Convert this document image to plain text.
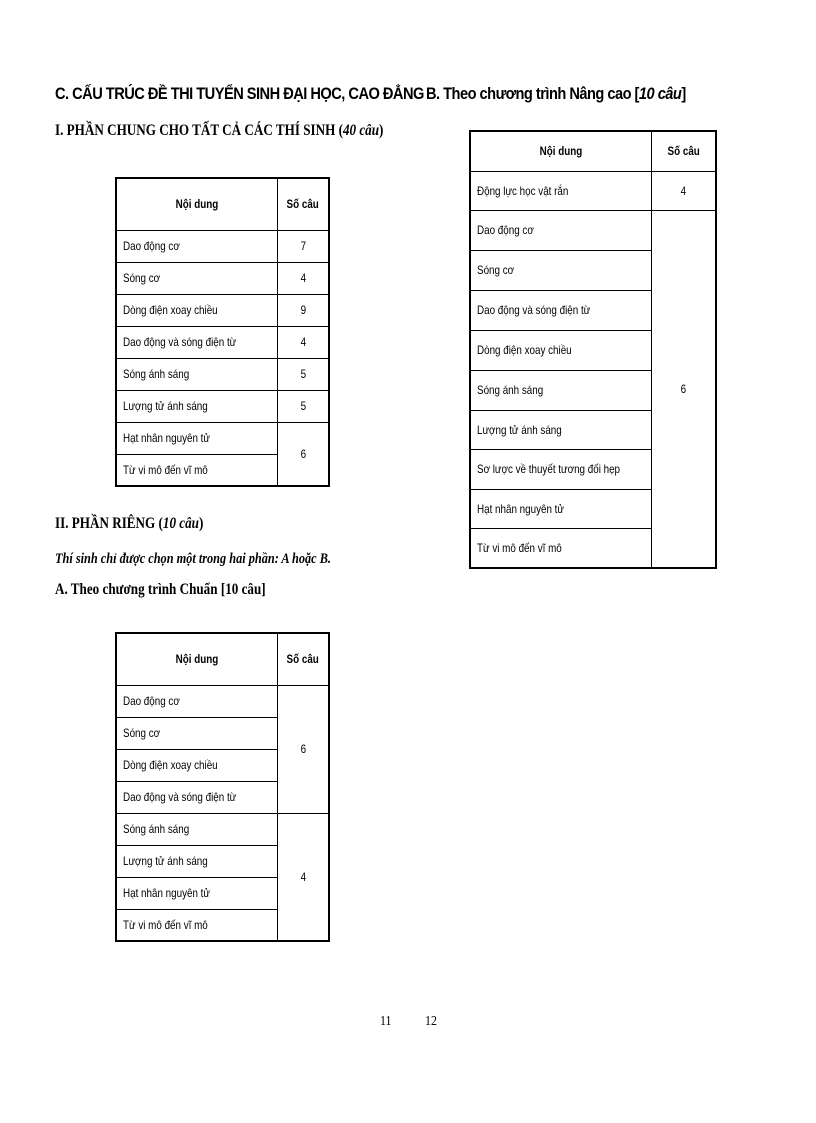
C. CẤU TRÚC ĐỀ THI TUYỂN SINH ĐẠI HỌC, CAO ĐẲNG
I. PHẦN CHUNG CHO TẤT CẢ CÁC THÍ SINH (40 câu)
Nội dung	Số câu
Dao động cơ	7
Sóng cơ	4
Dòng điện xoay chiều	9
Dao động và sóng điện từ	4
Sóng ánh sáng	5
Lượng tử ánh sáng	5
Hạt nhân nguyên tử	6
Từ vi mô đến vĩ mô	
II. PHẦN RIÊNG (10 câu)
Thí sinh chỉ được chọn một trong hai phần: A hoặc B.
A. Theo chương trình Chuẩn [10 câu]
Nội dung	Số câu
Dao động cơ	6
Sóng cơ	
Dòng điện xoay chiều	
Dao động và sóng điện từ	
Sóng ánh sáng	4
Lượng tử ánh sáng	
Hạt nhân nguyên tử	
Từ vi mô đến vĩ mô	
B. Theo chương trình Nâng cao [10 câu]
Nội dung	Số câu
Động lực học vật rắn	4
Dao động cơ	6
Sóng cơ	
Dao động và sóng điện từ	
Dòng điện xoay chiều	
Sóng ánh sáng	
Lượng tử ánh sáng	
Sơ lược về thuyết tương đối hẹp	
Hạt nhân nguyên tử	
Từ vi mô đến vĩ mô	
11 12
